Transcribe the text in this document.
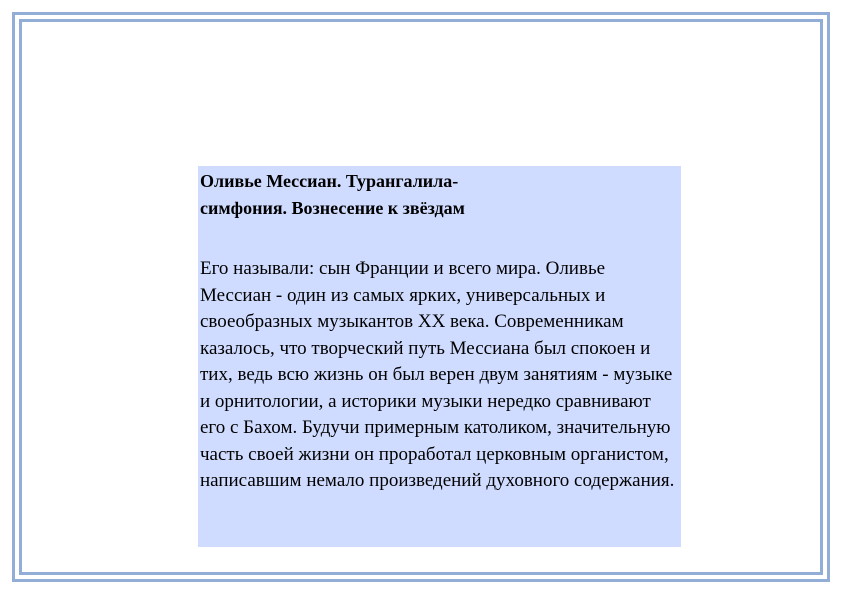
Оливье Мессиан. Турангалила-симфония. Вознесение к звёздам

Его называли: сын Франции и всего мира. Оливье Мессиан - один из самых ярких, универсальных и своеобразных музыкантов XX века. Современникам казалось, что творческий путь Мессиана был спокоен и тих, ведь всю жизнь он был верен двум занятиям - музыке и орнитологии, а историки музыки нередко сравнивают его с Бахом. Будучи примерным католиком, значительную часть своей жизни он проработал церковным органистом, написавшим немало произведений духовного содержания.
